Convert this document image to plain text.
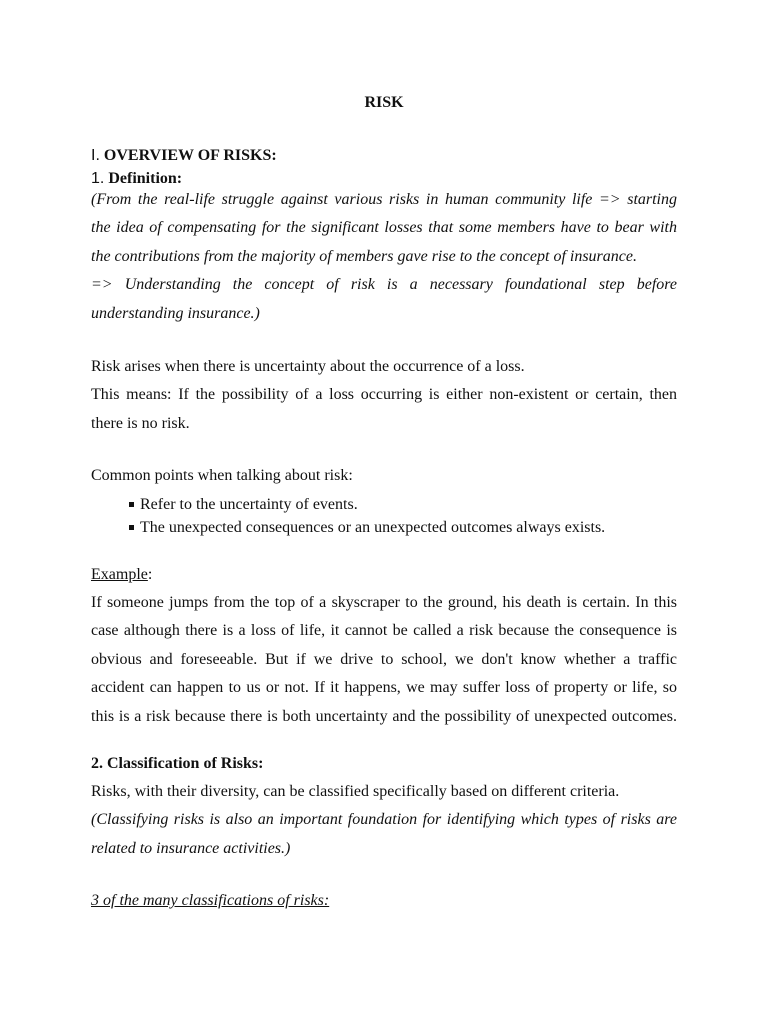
RISK
I. OVERVIEW OF RISKS:
1. Definition:
(From the real-life struggle against various risks in human community life => starting
the idea of compensating for the significant losses that some members have to bear with
the contributions from the majority of members gave rise to the concept of insurance.
=> Understanding the concept of risk is a necessary foundational step before
understanding insurance.)
Risk arises when there is uncertainty about the occurrence of a loss.
This means: If the possibility of a loss occurring is either non-existent or certain, then
there is no risk.
Common points when talking about risk:
Refer to the uncertainty of events.
The unexpected consequences or an unexpected outcomes always exists.
Example:
If someone jumps from the top of a skyscraper to the ground, his death is certain. In this
case although there is a loss of life, it cannot be called a risk because the consequence is
obvious and foreseeable. But if we drive to school, we don't know whether a traffic
accident can happen to us or not. If it happens, we may suffer loss of property or life, so
this is a risk because there is both uncertainty and the possibility of unexpected outcomes.
2. Classification of Risks:
Risks, with their diversity, can be classified specifically based on different criteria.
(Classifying risks is also an important foundation for identifying which types of risks are
related to insurance activities.)
3 of the many classifications of risks:
